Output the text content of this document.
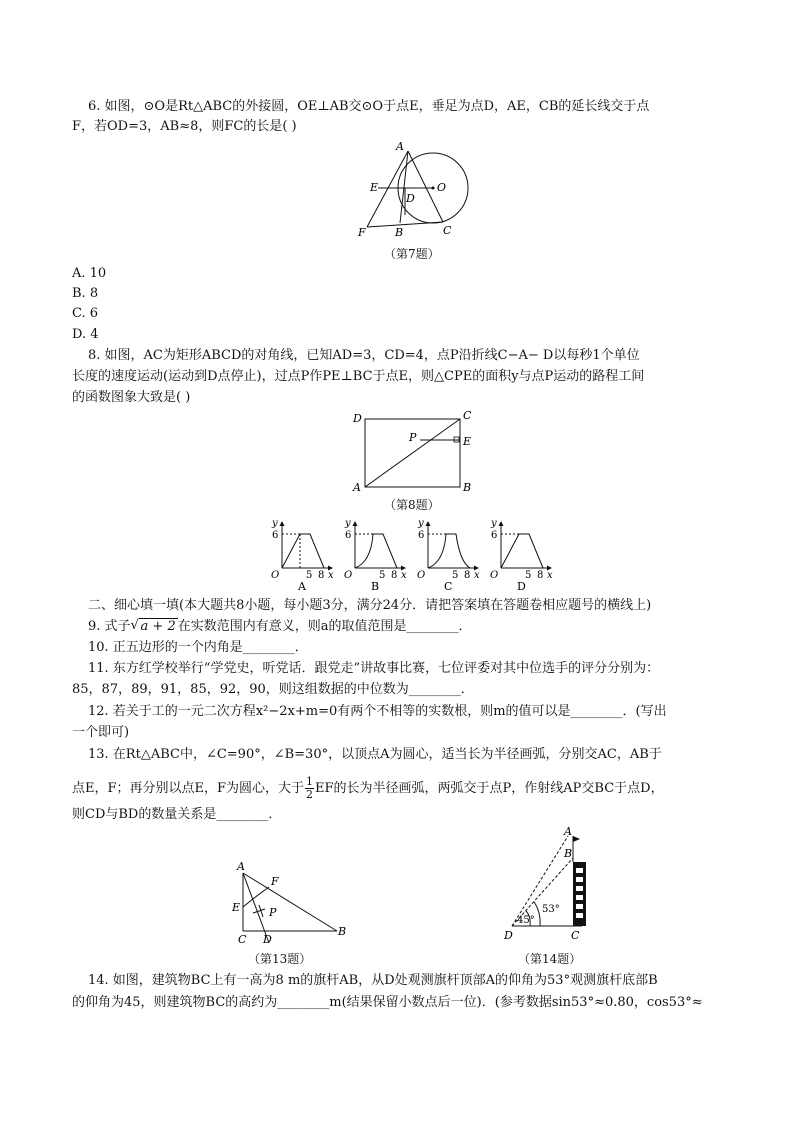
6. 如图，⊙O是Rt△ABC的外接圆，OE⊥AB交⊙O于点E，垂足为点D，AE，CB的延长线交于点
F，若OD=3，AB≈8，则FC的长是( )
A
E	O
D
F	B	C
（第7题）
A. 10
B. 8
C. 6
D. 4
8. 如图，AC为矩形ABCD的对角线，已知AD=3，CD=4，点P沿折线C−A− D以每秒1个单位
长度的速度运动(运动到D点停止)，过点P作PE⊥BC于点E，则△CPE的面积y与点P运动的路程工间
的函数图象大致是( )
D	C
P	E
A	B
（第8题）
y
6
O	5 8 x
A
y
6
O	5 8 x
B
y
6
O	5 8 x
C
y
6
O	5 8 x
D
二、细心填一填(本大题共8小题，每小题3分，满分24分．请把答案填在答题卷相应题号的横线上)
9. 式子 √ a + 2 在实数范围内有意义，则a的取值范围是________．
10. 正五边形的一个内角是________．
11. 东方红学校举行“学党史，听党话．跟党走”讲故事比赛，七位评委对其中位选手的评分分别为：
85，87，89，91，85，92，90，则这组数据的中位数为________．
12. 若关于工的一元二次方程x²−2x+m=0有两个不相等的实数根，则m的值可以是________．(写出
一个即可)
13. 在Rt△ABC中，∠C=90°，∠B=30°，以顶点A为圆心，适当长为半径画弧，分别交AC，AB于
点E，F；再分别以点E，F为圆心，大于 $\frac{1}{2}$ EF的长为半径画弧，两弧交于点P，作射线AP交BC于点D，
则CD与BD的数量关系是________．
A
F
E	P
C D
B
（第13题）
A
B
53°
45°
D	C
（第14题）
14. 如图，建筑物BC上有一高为8 m的旗杆AB，从D处观测旗杆顶部A的仰角为53°观测旗杆底部B
的仰角为45，则建筑物BC的高约为________m(结果保留小数点后一位)．(参考数据sin53°≈0.80，cos53°≈
